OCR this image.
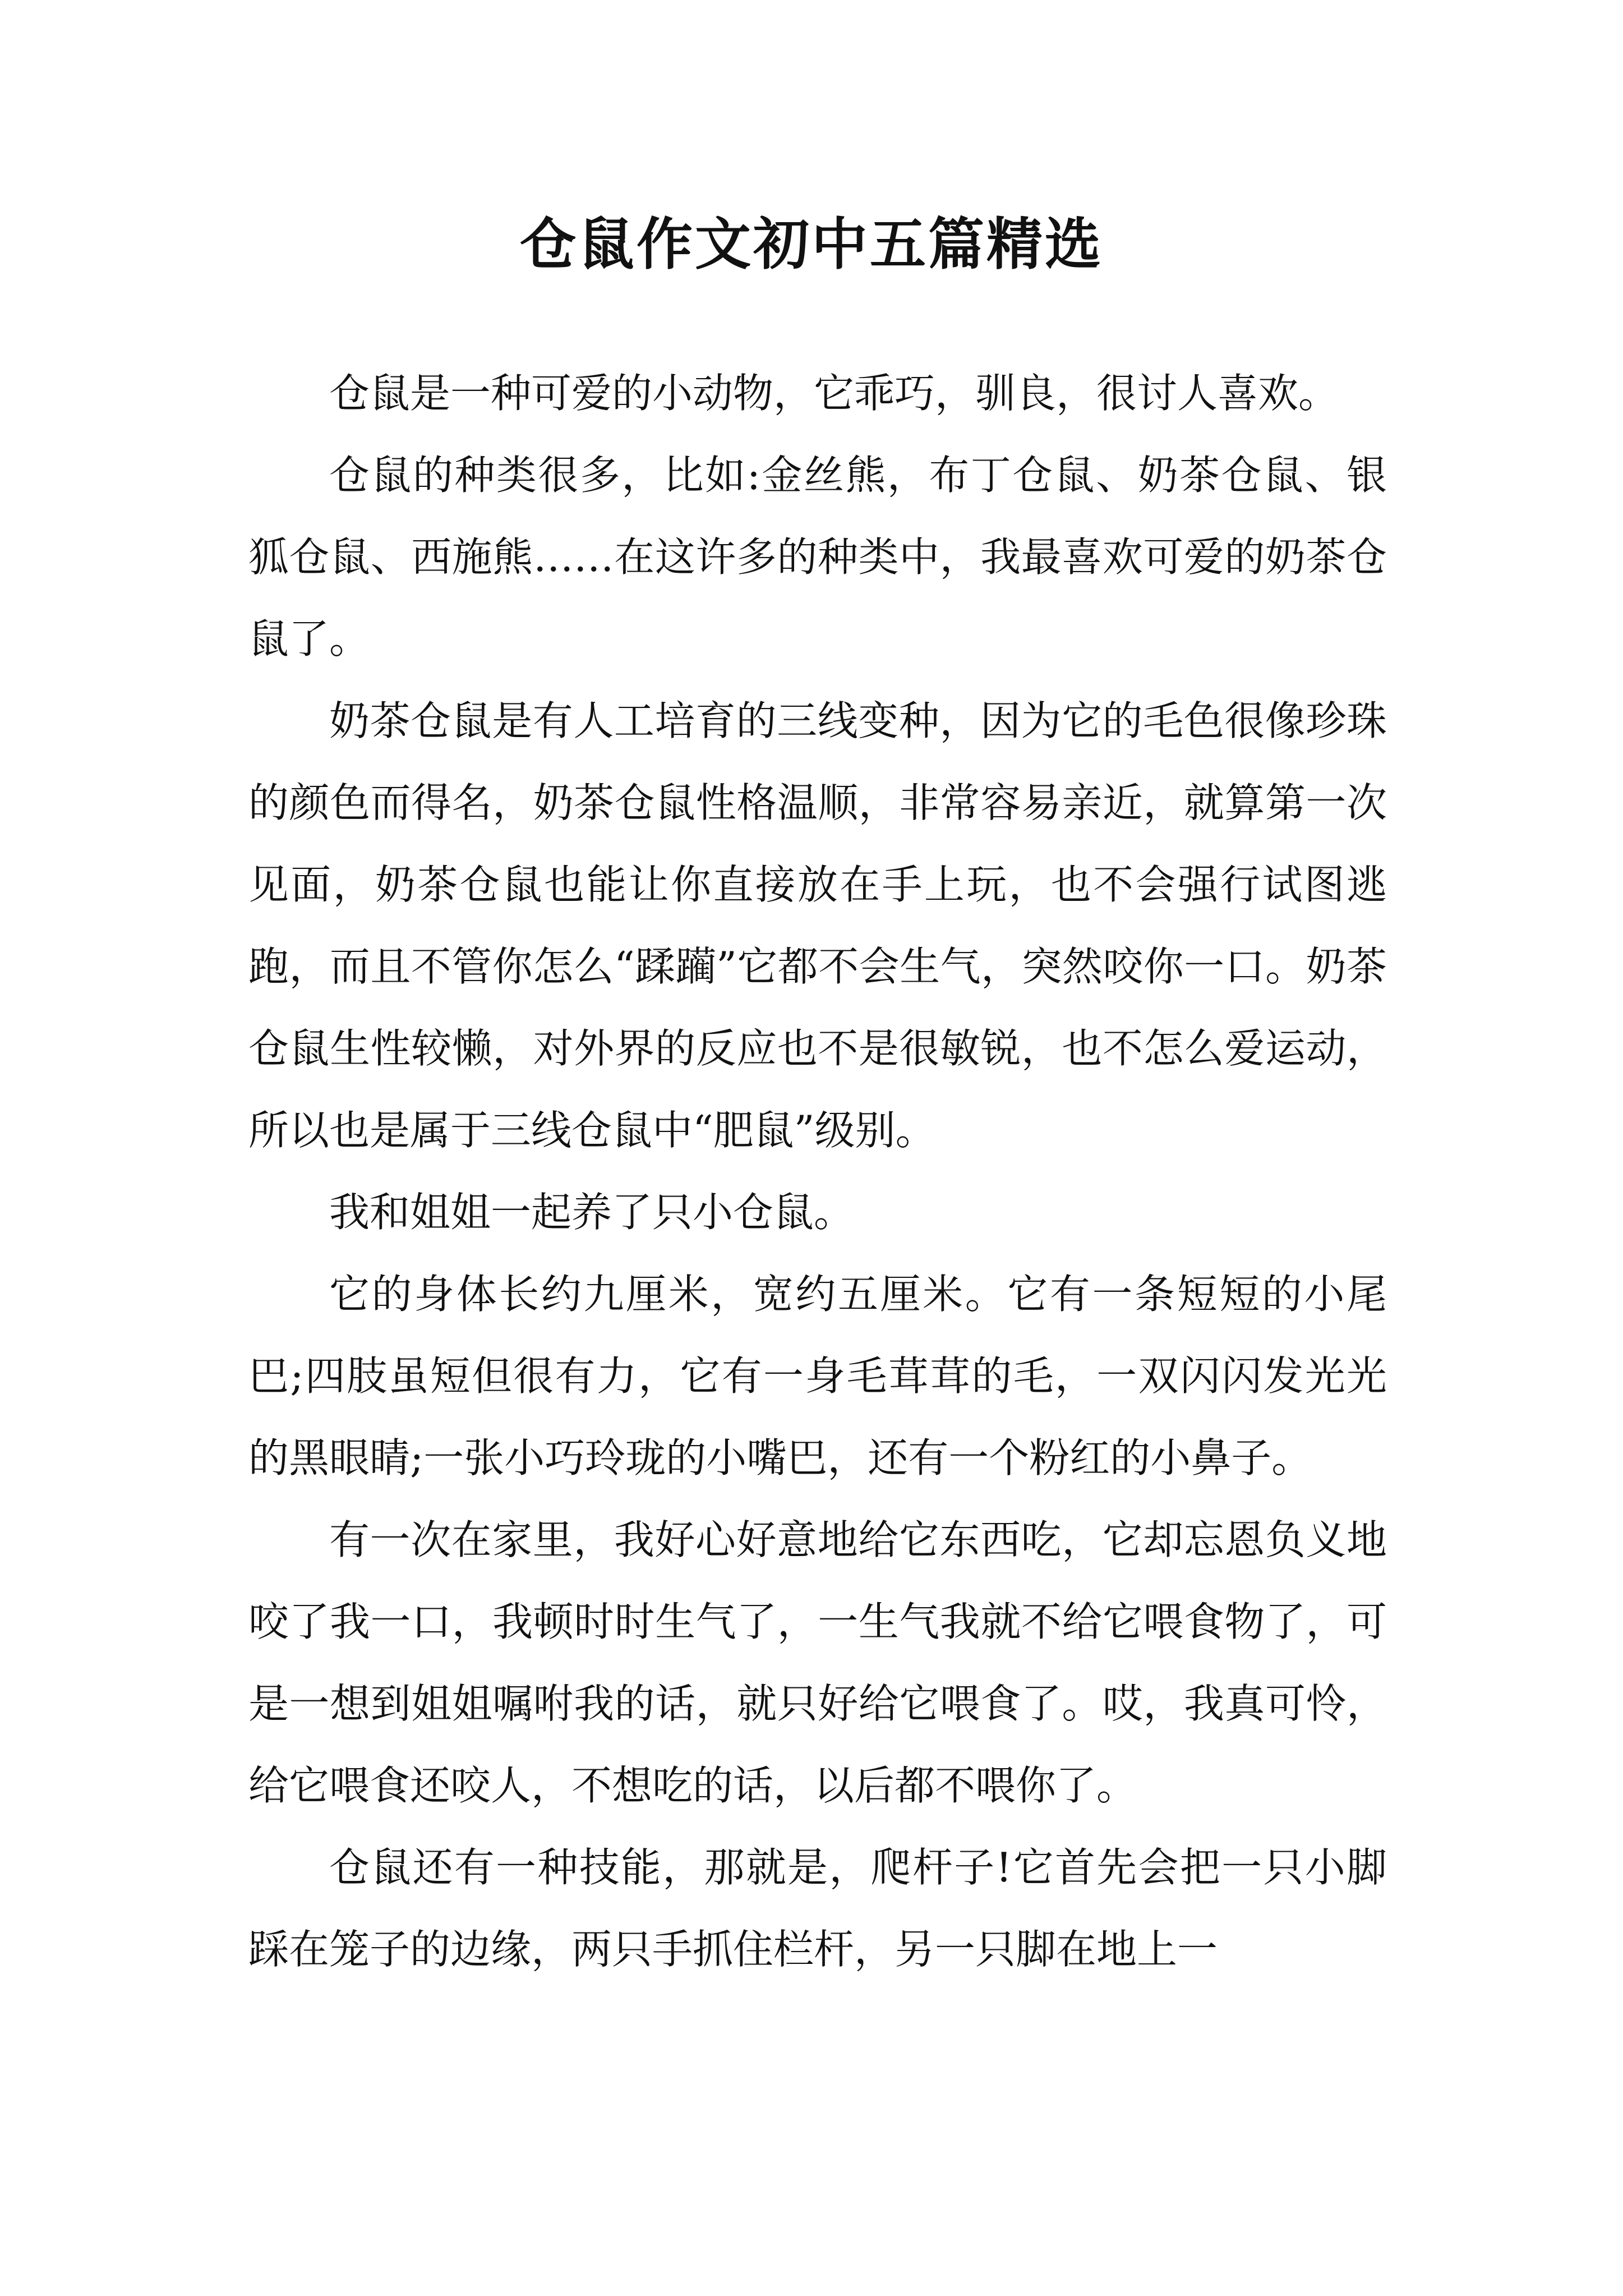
仓鼠作文初中五篇精选

仓鼠是一种可爱的小动物，它乖巧，驯良，很讨人喜欢。

仓鼠的种类很多，比如:金丝熊，布丁仓鼠、奶茶仓鼠、银狐仓鼠、西施熊……在这许多的种类中，我最喜欢可爱的奶茶仓鼠了。

奶茶仓鼠是有人工培育的三线变种，因为它的毛色很像珍珠的颜色而得名，奶茶仓鼠性格温顺，非常容易亲近，就算第一次见面，奶茶仓鼠也能让你直接放在手上玩，也不会强行试图逃跑，而且不管你怎么“蹂躏”它都不会生气，突然咬你一口。奶茶仓鼠生性较懒，对外界的反应也不是很敏锐，也不怎么爱运动，所以也是属于三线仓鼠中“肥鼠”级别。

我和姐姐一起养了只小仓鼠。

它的身体长约九厘米，宽约五厘米。它有一条短短的小尾巴;四肢虽短但很有力，它有一身毛茸茸的毛，一双闪闪发光光的黑眼睛;一张小巧玲珑的小嘴巴，还有一个粉红的小鼻子。

有一次在家里，我好心好意地给它东西吃，它却忘恩负义地咬了我一口，我顿时时生气了，一生气我就不给它喂食物了，可是一想到姐姐嘱咐我的话，就只好给它喂食了。哎，我真可怜，给它喂食还咬人，不想吃的话，以后都不喂你了。

仓鼠还有一种技能，那就是，爬杆子!它首先会把一只小脚踩在笼子的边缘，两只手抓住栏杆，另一只脚在地上一
